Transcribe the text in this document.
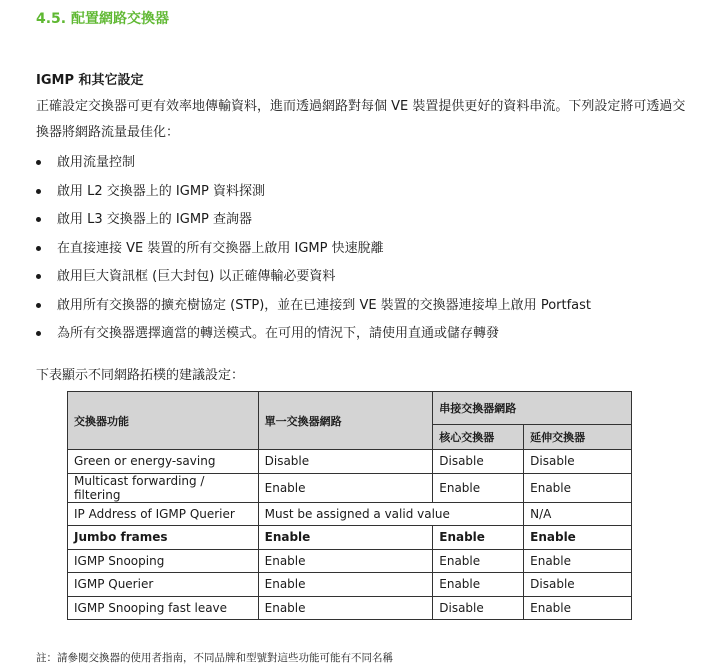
4.5. 配置網路交換器
IGMP 和其它設定
正確設定交換器可更有效率地傳輸資料，進而透過網路對每個 VE 裝置提供更好的資料串流。下列設定將可透過交換器將網路流量最佳化：
啟用流量控制
啟用 L2 交換器上的 IGMP 資料探測
啟用 L3 交換器上的 IGMP 查詢器
在直接連接 VE 裝置的所有交換器上啟用 IGMP 快速脫離
啟用巨大資訊框 (巨大封包) 以正確傳輸必要資料
啟用所有交換器的擴充樹協定 (STP)，並在已連接到 VE 裝置的交換器連接埠上啟用 Portfast
為所有交換器選擇適當的轉送模式。在可用的情況下，請使用直通或儲存轉發
下表顯示不同網路拓樸的建議設定：
交換器功能	單一交換器網路	串接交換器網路	
		核心交換器	延伸交換器
Green or energy-saving	Disable	Disable	Disable
Multicast forwarding / filtering	Enable	Enable	Enable
IP Address of IGMP Querier	Must be assigned a valid value		N/A
Jumbo frames	Enable	Enable	Enable
IGMP Snooping	Enable	Enable	Enable
IGMP Querier	Enable	Enable	Disable
IGMP Snooping fast leave	Enable	Disable	Enable
註：請參閱交換器的使用者指南，不同品牌和型號對這些功能可能有不同名稱
